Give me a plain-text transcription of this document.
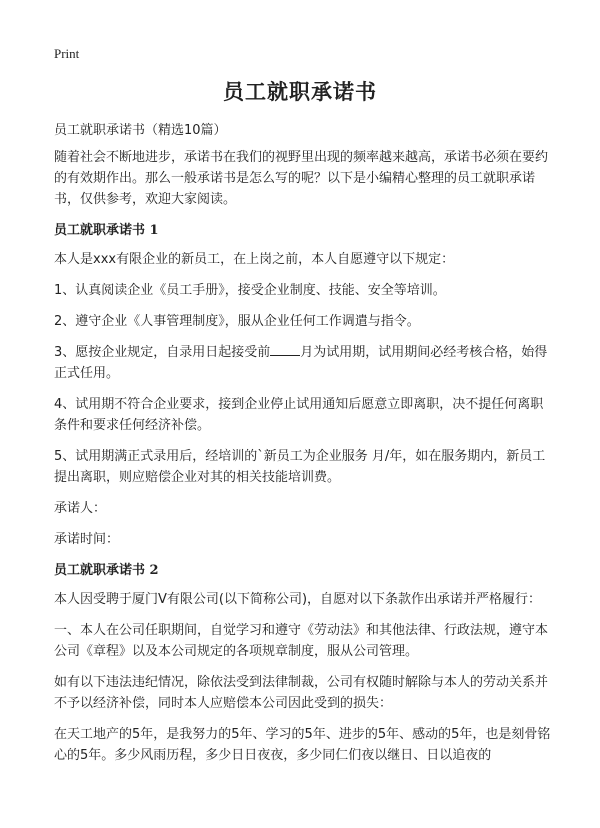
Print
员工就职承诺书

员工就职承诺书（精选10篇）

随着社会不断地进步，承诺书在我们的视野里出现的频率越来越高，承诺书必须在要约的有效期作出。那么一般承诺书是怎么写的呢？以下是小编精心整理的员工就职承诺书，仅供参考，欢迎大家阅读。

员工就职承诺书 1

本人是xxx有限企业的新员工，在上岗之前，本人自愿遵守以下规定：

1、认真阅读企业《员工手册》，接受企业制度、技能、安全等培训。

2、遵守企业《人事管理制度》，服从企业任何工作调遣与指令。

3、愿按企业规定，自录用日起接受前 月为试用期，试用期间必经考核合格，始得正式任用。

4、试用期不符合企业要求，接到企业停止试用通知后愿意立即离职，决不提任何离职条件和要求任何经济补偿。

5、试用期满正式录用后，经培训的`新员工为企业服务 月/年，如在服务期内，新员工提出离职，则应赔偿企业对其的相关技能培训费。

承诺人：

承诺时间：

员工就职承诺书 2

本人因受聘于厦门V有限公司(以下简称公司)，自愿对以下条款作出承诺并严格履行：

一、本人在公司任职期间，自觉学习和遵守《劳动法》和其他法律、行政法规，遵守本公司《章程》以及本公司规定的各项规章制度，服从公司管理。

如有以下违法违纪情况，除依法受到法律制裁，公司有权随时解除与本人的劳动关系并不予以经济补偿，同时本人应赔偿本公司因此受到的损失：

在天工地产的5年，是我努力的5年、学习的5年、进步的5年、感动的5年，也是刻骨铭心的5年。多少风雨历程，多少日日夜夜，多少同仁们夜以继日、日以追夜的
